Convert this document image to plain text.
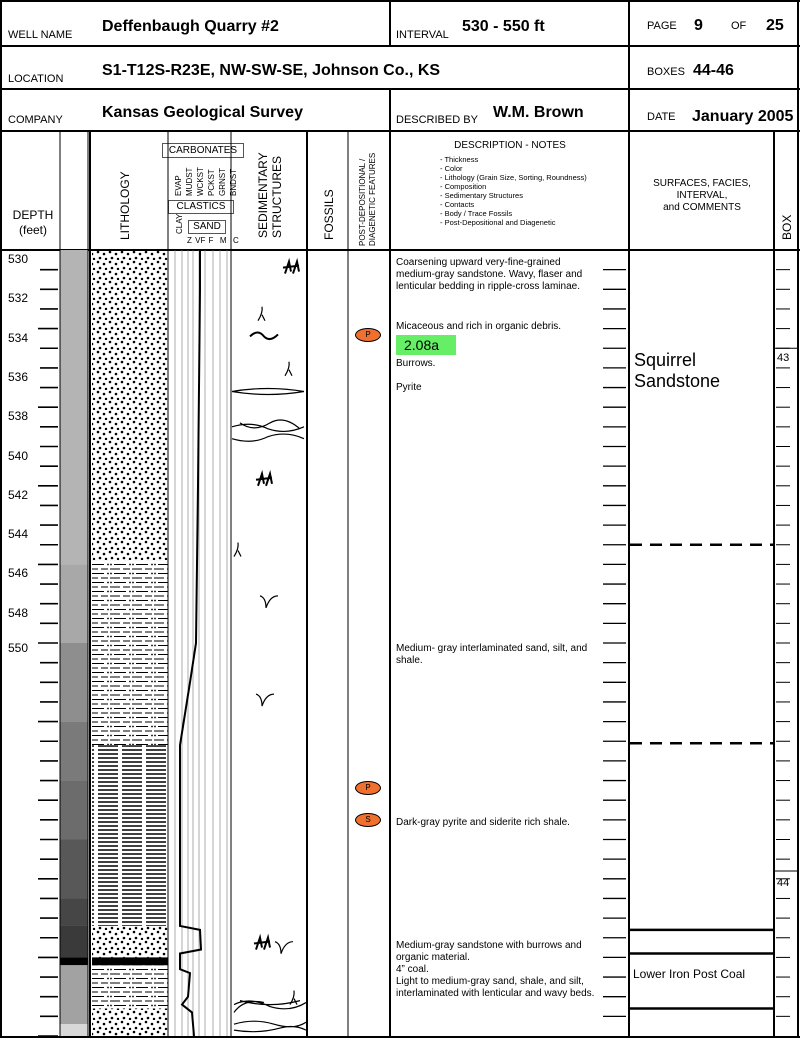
WELL NAME Deffenbaugh Quarry #2	INTERVAL 530 - 550 ft	PAGE 9	OF 25
LOCATION S1-T12S-R23E, NW-SW-SE, Johnson Co., KS	BOXES 44-46
COMPANY Kansas Geological Survey	DESCRIBED BY W.M. Brown	DATE January 2005
DEPTH
(feet)	LITHOLOGY
CARBONATES
CLASTICS
SAND
EVAP MUDST WCKST PCKST GRNST BNDST
CLAY
Z VF F  M  C
SEDIMENTARY STRUCTURES	FOSSILS	POST-DEPOSITIONAL / DIAGENETIC FEATURES
DESCRIPTION - NOTES
- Thickness
- Color
- Lithology (Grain Size, Sorting, Roundness)
- Composition
- Sedimentary Structures
- Contacts
- Body / Trace Fossils
- Post-Depositional and Diagenetic
SURFACES, FACIES,
INTERVAL,
and COMMENTS
BOX
530
532
534
536
538
540
542
544
546
548
550
P
P
S
Coarsening upward very-fine-grained medium-gray sandstone. Wavy, flaser and lenticular bedding in ripple-cross laminae.
Micaceous and rich in organic debris.
2.08a
Burrows.
Pyrite
Medium- gray interlaminated sand, silt, and shale.
Dark-gray pyrite and siderite rich shale.
Medium-gray sandstone with burrows and organic material.
4” coal.
Light to medium-gray sand, shale, and silt, interlaminated with lenticular and wavy beds.
Squirrel
Sandstone
Lower Iron Post Coal
43
44
